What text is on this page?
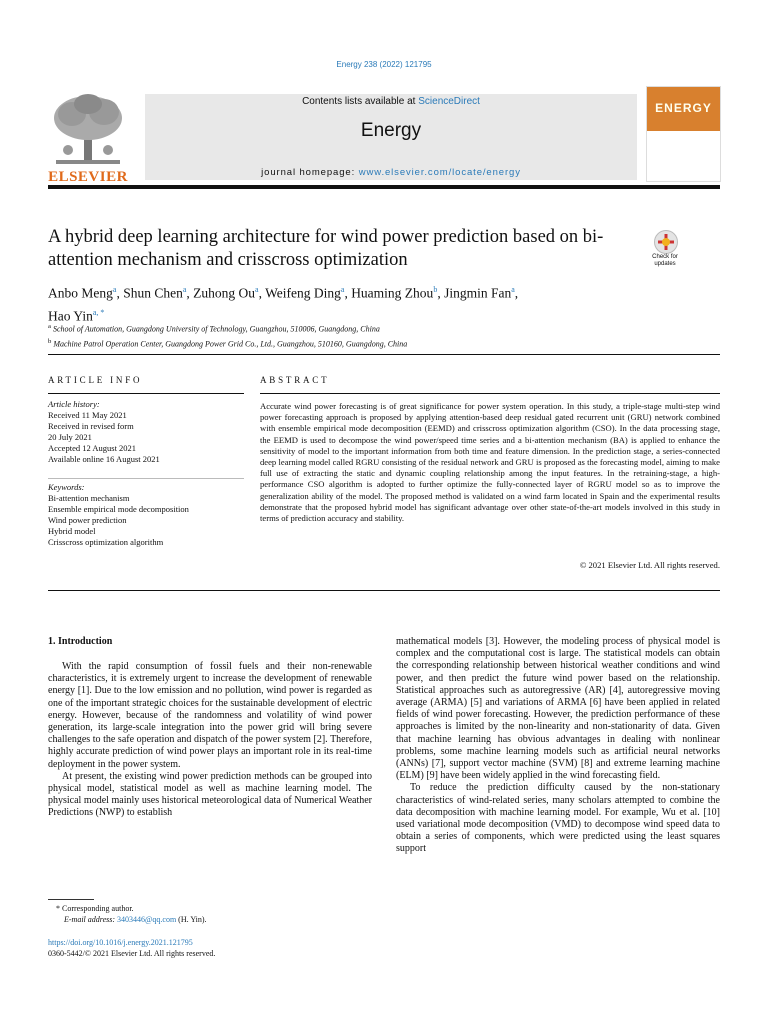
Energy 238 (2022) 121795
ELSEVIER
Contents lists available at ScienceDirect
Energy
journal homepage: www.elsevier.com/locate/energy
ENERGY
A hybrid deep learning architecture for wind power prediction based on bi-attention mechanism and crisscross optimization	Check for updates
Anbo Meng$^a$, Shun Chen$^a$, Zuhong Ou$^a$, Weifeng Ding$^a$, Huaming Zhou$^b$, Jingmin Fan$^a$,
Hao Yin$^{a, *}$
$^a$ School of Automation, Guangdong University of Technology, Guangzhou, 510006, Guangdong, China
$^b$ Machine Patrol Operation Center, Guangdong Power Grid Co., Ltd., Guangzhou, 510160, Guangdong, China
ARTICLE INFO	ABSTRACT
Article history:
Received 11 May 2021
Received in revised form
20 July 2021
Accepted 12 August 2021
Available online 16 August 2021
Keywords:
Bi-attention mechanism
Ensemble empirical mode decomposition
Wind power prediction
Hybrid model
Crisscross optimization algorithm
Accurate wind power forecasting is of great significance for power system operation. In this study, a triple-stage multi-step wind power forecasting approach is proposed by applying attention-based deep residual gated recurrent unit (GRU) network combined with ensemble empirical mode decomposition (EEMD) and crisscross optimization algorithm (CSO). In the data processing stage, the EEMD is used to decompose the wind power/speed time series and a bi-attention mechanism (BA) is applied to enhance the sensitivity of model to the important information from both time and feature dimension. In the prediction stage, a series-connected deep learning model called RGRU consisting of the residual network and GRU is proposed as the forecasting model, aiming to make full use of extracting the static and dynamic coupling relationship among the input features. In the retraining-stage, a high-performance CSO algorithm is adopted to further optimize the fully-connected layer of RGRU model so as to improve the generalization ability of the model. The proposed method is validated on a wind farm located in Spain and the experimental results demonstrate that the proposed hybrid model has significant advantage over other state-of-the-art models involved in this study in terms of prediction accuracy and stability.
© 2021 Elsevier Ltd. All rights reserved.
1. Introduction

With the rapid consumption of fossil fuels and their non-renewable characteristics, it is extremely urgent to increase the development of renewable energy [1]. Due to the low emission and no pollution, wind power is regarded as one of the important strategic choices for the sustainable development of electric energy. However, because of the randomness and volatility of wind power generation, its large-scale integration into the power grid will bring severe challenges to the safe operation and dispatch of the power system [2]. Therefore, highly accurate prediction of wind power plays an important role in its real-time deployment in the power system.

At present, the existing wind power prediction methods can be grouped into physical model, statistical model as well as machine learning model. The physical model mainly uses historical meteorological data of Numerical Weather Predictions (NWP) to establish

mathematical models [3]. However, the modeling process of physical model is complex and the computational cost is large. The statistical models can obtain the corresponding relationship between historical weather conditions and wind power, and then predict the future wind power based on the relationship. Statistical approaches such as autoregressive (AR) [4], autoregressive moving average (ARMA) [5] and variations of ARMA [6] have been applied in related fields of wind power forecasting. However, the prediction performance of these approaches is limited by the non-linearity and non-stationarity of data. Given that machine learning has obvious advantages in dealing with nonlinear problems, some machine learning models such as artificial neural networks (ANNs) [7], support vector machine (SVM) [8] and extreme learning machine (ELM) [9] have been widely applied in the wind forecasting field.

To reduce the prediction difficulty caused by the non-stationary characteristics of wind-related series, many scholars attempted to combine the data decomposition with machine learning model. For example, Wu et al. [10] used variational mode decomposition (VMD) to decompose wind speed data to obtain a series of components, which were predicted using the least squares support

* Corresponding author.
E-mail address: 3403446@qq.com (H. Yin).
https://doi.org/10.1016/j.energy.2021.121795
0360-5442/© 2021 Elsevier Ltd. All rights reserved.
